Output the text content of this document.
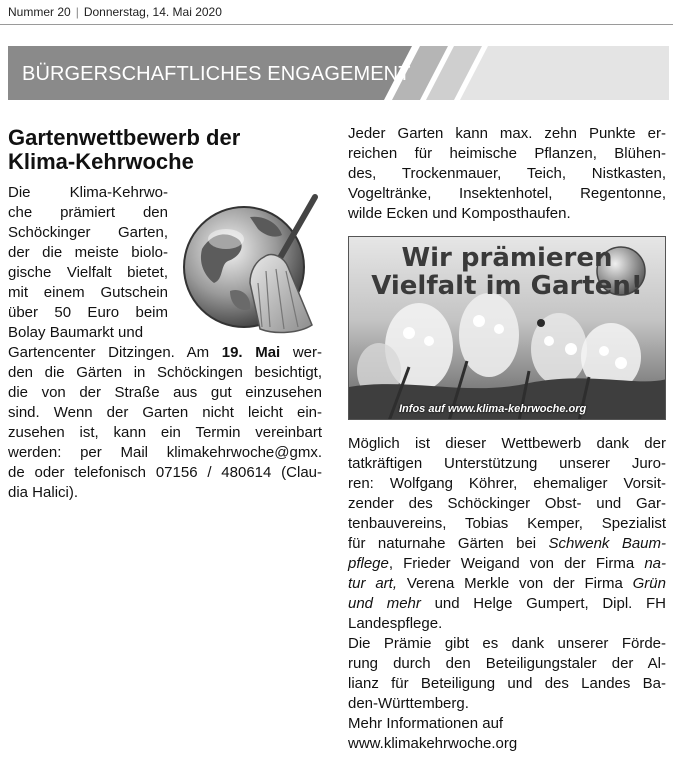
Nummer 20 | Donnerstag, 14. Mai 2020
BÜRGERSCHAFTLICHES ENGAGEMENT
Gartenwettbewerb der
Klima-Kehrwoche
Die Klima-Kehrwo-
che prämiert den
Schöckinger Garten,
der die meiste biolo-
gische Vielfalt bietet,
mit einem Gutschein
über 50 Euro beim
Bolay Baumarkt und
Gartencenter Ditzingen. Am 19. Mai wer-
den die Gärten in Schöckingen besichtigt,
die von der Straße aus gut einzusehen
sind. Wenn der Garten nicht leicht ein-
zusehen ist, kann ein Termin vereinbart
werden: per Mail klimakehrwoche@gmx.
de oder telefonisch 07156 / 480614 (Clau-
dia Halici).
Jeder Garten kann max. zehn Punkte er-
reichen für heimische Pflanzen, Blühen-
des, Trockenmauer, Teich, Nistkasten,
Vogeltränke, Insektenhotel, Regentonne,
wilde Ecken und Komposthaufen.
Wir prämieren
Vielfalt im Garten!
Infos auf www.klima-kehrwoche.org
Möglich ist dieser Wettbewerb dank der
tatkräftigen Unterstützung unserer Juro-
ren: Wolfgang Köhrer, ehemaliger Vorsit-
zender des Schöckinger Obst- und Gar-
tenbauvereins, Tobias Kemper, Spezialist
für naturnahe Gärten bei Schwenk Baum-
pflege, Frieder Weigand von der Firma na-
tur art, Verena Merkle von der Firma Grün
und mehr und Helge Gumpert, Dipl. FH
Landespflege.
Die Prämie gibt es dank unserer Förde-
rung durch den Beteiligungstaler der Al-
lianz für Beteiligung und des Landes Ba-
den-Württemberg.
Mehr Informationen auf
www.klimakehrwoche.org
